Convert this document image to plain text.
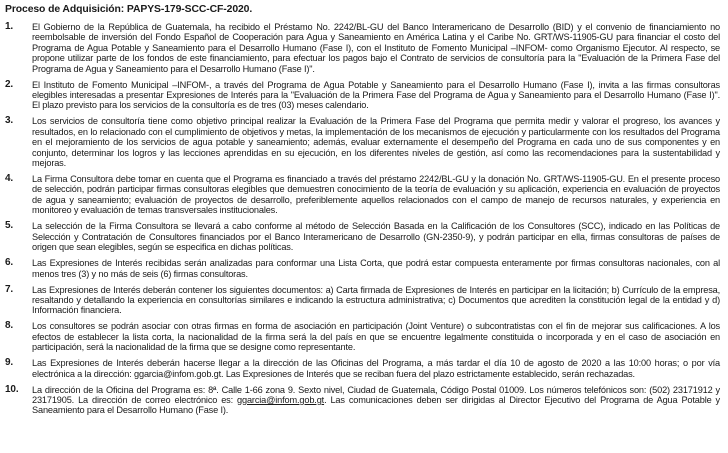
Proceso de Adquisición: PAPYS-179-SCC-CF-2020.
1.	El Gobierno de la República de Guatemala, ha recibido el Préstamo No. 2242/BL-GU del Banco Interamericano de Desarrollo (BID) y el convenio de financiamiento no reembolsable de inversión del Fondo Español de Cooperación para Agua y Saneamiento en América Latina y el Caribe No. GRT/WS-11905-GU para financiar el costo del Programa de Agua Potable y Saneamiento para el Desarrollo Humano (Fase I), con el Instituto de Fomento Municipal –INFOM- como Organismo Ejecutor. Al respecto, se propone utilizar parte de los fondos de este financiamiento, para efectuar los pagos bajo el Contrato de servicios de consultoría para la "Evaluación de la Primera Fase del Programa de Agua y Saneamiento para el Desarrollo Humano (Fase I)".
2.	El Instituto de Fomento Municipal –INFOM-, a través del Programa de Agua Potable y Saneamiento para el Desarrollo Humano (Fase I), invita a las firmas consultoras elegibles interesadas a presentar Expresiones de Interés para la "Evaluación de la Primera Fase del Programa de Agua y Saneamiento para el Desarrollo Humano (Fase I)". El plazo previsto para los servicios de la consultoría es de tres (03) meses calendario.
3.	Los servicios de consultoría tiene como objetivo principal realizar la Evaluación de la Primera Fase del Programa que permita medir y valorar el progreso, los avances y resultados, en lo relacionado con el cumplimiento de objetivos y metas, la implementación de los mecanismos de ejecución y particularmente con los resultados del Programa en el mejoramiento de los servicios de agua potable y saneamiento; además, evaluar externamente el desempeño del Programa en cada uno de sus componentes y en conjunto, determinar los logros y las lecciones aprendidas en su ejecución, en los diferentes niveles de gestión, así como las recomendaciones para la sustentabilidad y mejoras.
4.	La Firma Consultora debe tomar en cuenta que el Programa es financiado a través del préstamo 2242/BL-GU y la donación No. GRT/WS-11905-GU. En el presente proceso de selección, podrán participar firmas consultoras elegibles que demuestren conocimiento de la teoría de evaluación y su aplicación, experiencia en evaluación de proyectos de agua y saneamiento; evaluación de proyectos de desarrollo, preferiblemente aquellos relacionados con el campo de manejo de recursos naturales, y experiencia en monitoreo y evaluación de temas transversales institucionales.
5.	La selección de la Firma Consultora se llevará a cabo conforme al método de Selección Basada en la Calificación de los Consultores (SCC), indicado en las Políticas de Selección y Contratación de Consultores financiados por el Banco Interamericano de Desarrollo (GN-2350-9), y podrán participar en ella, firmas consultoras de países de origen que sean elegibles, según se especifica en dichas políticas.
6.	Las Expresiones de Interés recibidas serán analizadas para conformar una Lista Corta, que podrá estar compuesta enteramente por firmas consultoras nacionales, con al menos tres (3) y no más de seis (6) firmas consultoras.
7.	Las Expresiones de Interés deberán contener los siguientes documentos: a) Carta firmada de Expresiones de Interés en participar en la licitación; b) Currículo de la empresa, resaltando y detallando la experiencia en consultorías similares e indicando la estructura administrativa; c) Documentos que acrediten la constitución legal de la entidad y d) Información financiera.
8.	Los consultores se podrán asociar con otras firmas en forma de asociación en participación (Joint Venture) o subcontratistas con el fin de mejorar sus calificaciones. A los efectos de establecer la lista corta, la nacionalidad de la firma será la del país en que se encuentre legalmente constituida o incorporada y en el caso de asociación en participación, será la nacionalidad de la firma que se designe como representante.
9.	Las Expresiones de Interés deberán hacerse llegar a la dirección de las Oficinas del Programa, a más tardar el día 10 de agosto de 2020 a las 10:00 horas; o por vía electrónica a la dirección: ggarcia@infom.gob.gt. Las Expresiones de Interés que se reciban fuera del plazo estrictamente establecido, serán rechazadas.
10.	La dirección de la Oficina del Programa es: 8ª. Calle 1-66 zona 9. Sexto nivel, Ciudad de Guatemala, Código Postal 01009. Los números telefónicos son: (502) 23171912 y 23171905. La dirección de correo electrónico es: ggarcia@infom.gob.gt. Las comunicaciones deben ser dirigidas al Director Ejecutivo del Programa de Agua Potable y Saneamiento para el Desarrollo Humano (Fase I).
